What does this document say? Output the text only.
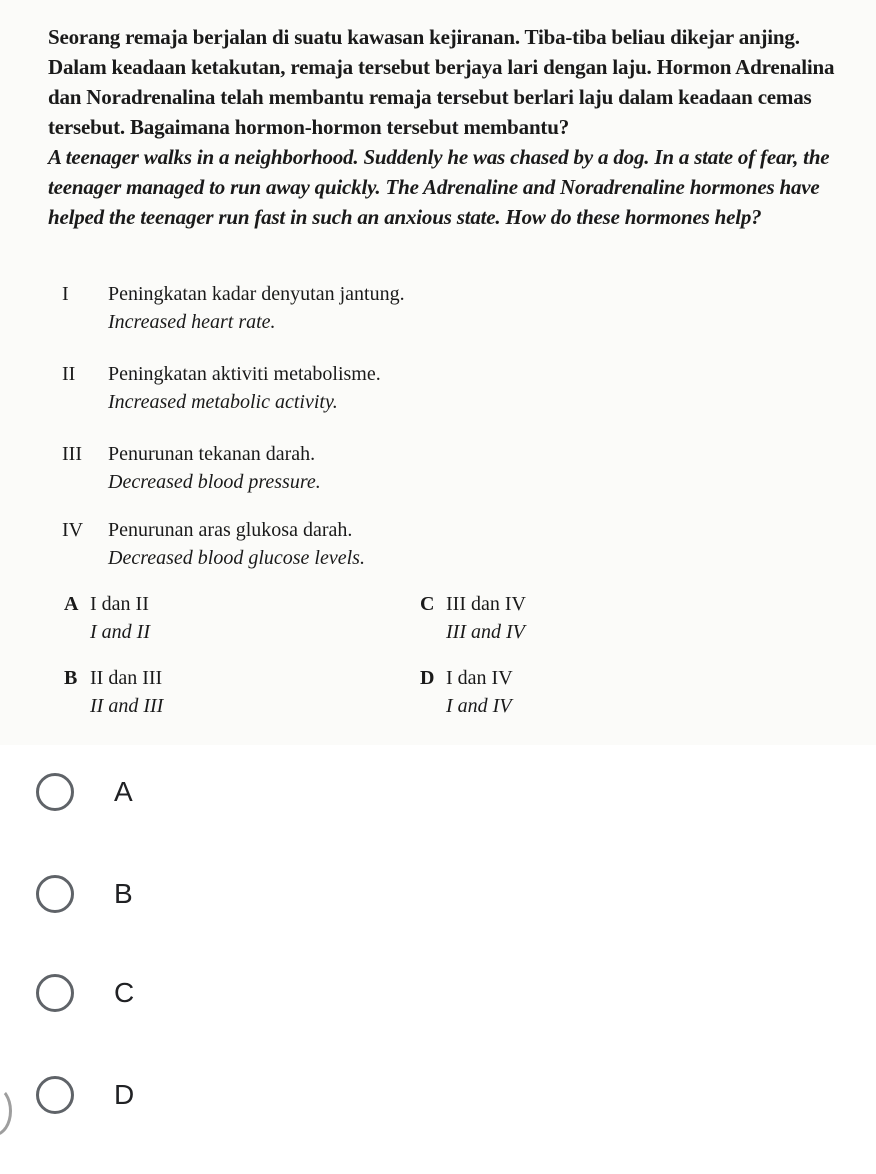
Seorang remaja berjalan di suatu kawasan kejiranan. Tiba-tiba beliau dikejar anjing. Dalam keadaan ketakutan, remaja tersebut berjaya lari dengan laju. Hormon Adrenalina dan Noradrenalina telah membantu remaja tersebut berlari laju dalam keadaan cemas tersebut. Bagaimana hormon-hormon tersebut membantu?

A teenager walks in a neighborhood. Suddenly he was chased by a dog. In a state of fear, the teenager managed to run away quickly. The Adrenaline and Noradrenaline hormones have helped the teenager run fast in such an anxious state. How do these hormones help?

I	Peningkatan kadar denyutan jantung.
Increased heart rate.
II	Peningkatan aktiviti metabolisme.
Increased metabolic activity.
III	Penurunan tekanan darah.
Decreased blood pressure.
IV	Penurunan aras glukosa darah.
Decreased blood glucose levels.
A I dan II
I and II
C III dan IV
III and IV
B II dan III
II and III
D I dan IV
I and IV
A
B
C
D
